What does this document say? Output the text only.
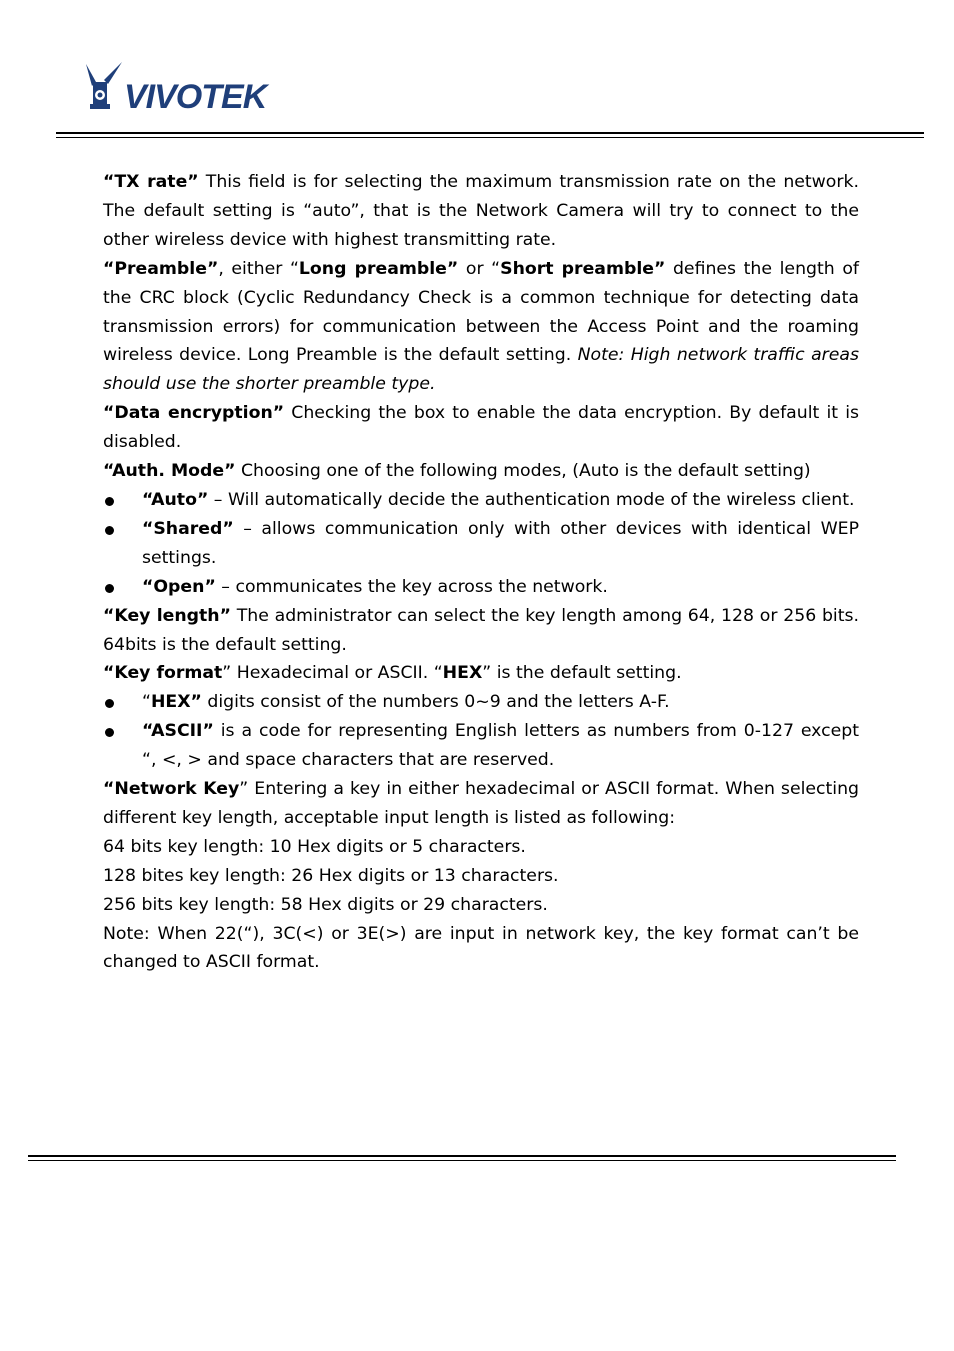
VIVOTEK

“TX rate” This field is for selecting the maximum transmission rate on the network. The default setting is “auto”, that is the Network Camera will try to connect to the other wireless device with highest transmitting rate.

“Preamble”, either “Long preamble” or “Short preamble” defines the length of the CRC block (Cyclic Redundancy Check is a common technique for detecting data transmission errors) for communication between the Access Point and the roaming wireless device. Long Preamble is the default setting. Note: High network traffic areas should use the shorter preamble type.

“Data encryption” Checking the box to enable the data encryption. By default it is disabled.

“Auth. Mode” Choosing one of the following modes, (Auto is the default setting)

“Auto” – Will automatically decide the authentication mode of the wireless client.

“Shared” – allows communication only with other devices with identical WEP settings.

“Open” – communicates the key across the network.

“Key length” The administrator can select the key length among 64, 128 or 256 bits. 64bits is the default setting.

“Key format” Hexadecimal or ASCII. “HEX” is the default setting.

“HEX” digits consist of the numbers 0~9 and the letters A-F.

“ASCII” is a code for representing English letters as numbers from 0-127 except “, <, > and space characters that are reserved.

“Network Key” Entering a key in either hexadecimal or ASCII format. When selecting different key length, acceptable input length is listed as following:

64 bits key length: 10 Hex digits or 5 characters.

128 bites key length: 26 Hex digits or 13 characters.

256 bits key length: 58 Hex digits or 29 characters.

Note: When 22(“), 3C(<) or 3E(>) are input in network key, the key format can’t be changed to ASCII format.
